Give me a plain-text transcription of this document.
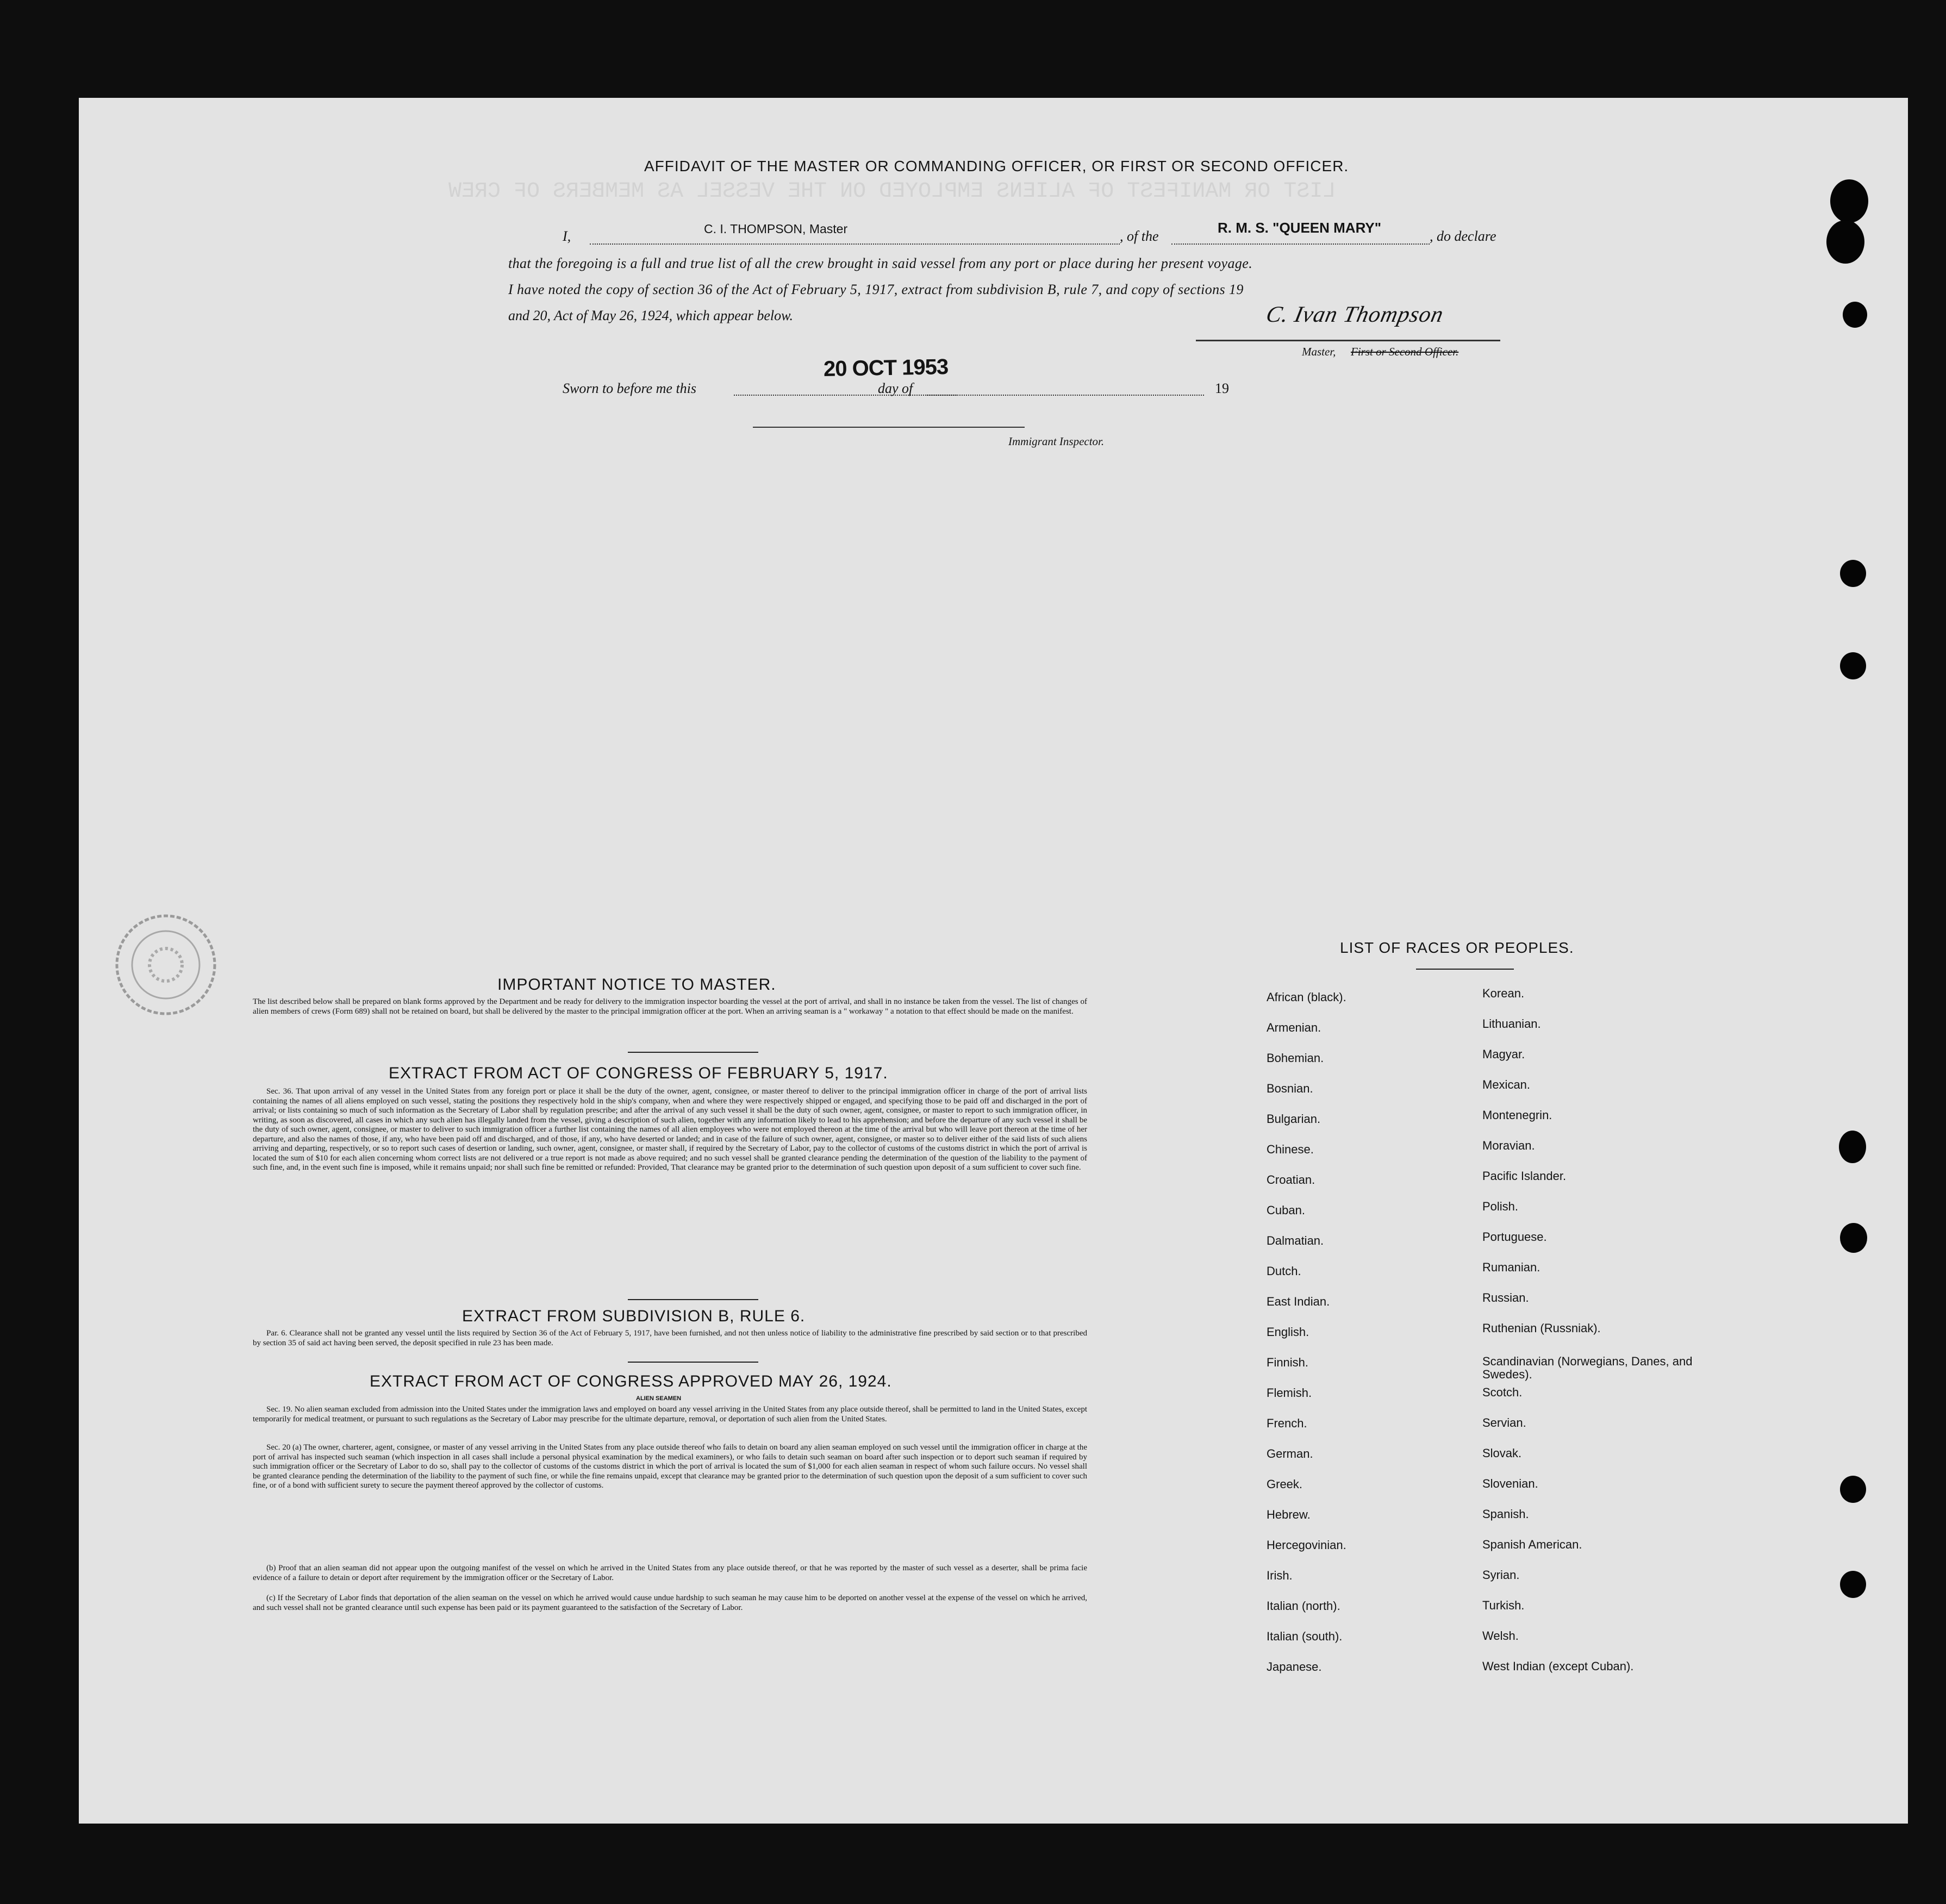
LIST OR MANIFEST OF ALIENS EMPLOYED ON THE VESSEL AS MEMBERS OF CREW
AFFIDAVIT OF THE MASTER OR COMMANDING OFFICER, OR FIRST OR SECOND OFFICER.
I,	C. I. THOMPSON, Master	, of the
R. M. S. "QUEEN MARY"
, do declare
that the foregoing is a full and true list of all the crew brought in said vessel from any port or place during her present voyage.
I have noted the copy of section 36 of the Act of February 5, 1917, extract from subdivision B, rule 7, and copy of sections 19
and 20, Act of May 26, 1924, which appear below.	C. Ivan Thompson
Master, First or Second Officer.
Sworn to before me this
20 OCT 1953
day of	19
Immigrant Inspector.
IMPORTANT NOTICE TO MASTER.

The list described below shall be prepared on blank forms approved by the Department and be ready for delivery to the immigration inspector boarding the vessel at the port of arrival, and shall in no instance be taken from the vessel. The list of changes of alien members of crews (Form 689) shall not be retained on board, but shall be delivered by the master to the principal immigration officer at the port. When an arriving seaman is a " workaway " a notation to that effect should be made on the manifest.

EXTRACT FROM ACT OF CONGRESS OF FEBRUARY 5, 1917.

Sec. 36. That upon arrival of any vessel in the United States from any foreign port or place it shall be the duty of the owner, agent, consignee, or master thereof to deliver to the principal immigration officer in charge of the port of arrival lists containing the names of all aliens employed on such vessel, stating the positions they respectively hold in the ship's company, when and where they were respectively shipped or engaged, and specifying those to be paid off and discharged in the port of arrival; or lists containing so much of such information as the Secretary of Labor shall by regulation prescribe; and after the arrival of any such vessel it shall be the duty of such owner, agent, consignee, or master to report to such immigration officer, in writing, as soon as discovered, all cases in which any such alien has illegally landed from the vessel, giving a description of such alien, together with any information likely to lead to his apprehension; and before the departure of any such vessel it shall be the duty of such owner, agent, consignee, or master to deliver to such immigration officer a further list containing the names of all alien employees who were not employed thereon at the time of the arrival but who will leave port thereon at the time of her departure, and also the names of those, if any, who have been paid off and discharged, and of those, if any, who have deserted or landed; and in case of the failure of such owner, agent, consignee, or master so to deliver either of the said lists of such aliens arriving and departing, respectively, or so to report such cases of desertion or landing, such owner, agent, consignee, or master shall, if required by the Secretary of Labor, pay to the collector of customs of the customs district in which the port of arrival is located the sum of $10 for each alien concerning whom correct lists are not delivered or a true report is not made as above required; and no such vessel shall be granted clearance pending the determination of the question of the liability to the payment of such fine, and, in the event such fine is imposed, while it remains unpaid; nor shall such fine be remitted or refunded: Provided, That clearance may be granted prior to the determination of such question upon deposit of a sum sufficient to cover such fine.

EXTRACT FROM SUBDIVISION B, RULE 6.

Par. 6. Clearance shall not be granted any vessel until the lists required by Section 36 of the Act of February 5, 1917, have been furnished, and not then unless notice of liability to the administrative fine prescribed by said section or to that prescribed by section 35 of said act having been served, the deposit specified in rule 23 has been made.

EXTRACT FROM ACT OF CONGRESS APPROVED MAY 26, 1924.
ALIEN SEAMEN

Sec. 19. No alien seaman excluded from admission into the United States under the immigration laws and employed on board any vessel arriving in the United States from any place outside thereof, shall be permitted to land in the United States, except temporarily for medical treatment, or pursuant to such regulations as the Secretary of Labor may prescribe for the ultimate departure, removal, or deportation of such alien from the United States.

Sec. 20 (a) The owner, charterer, agent, consignee, or master of any vessel arriving in the United States from any place outside thereof who fails to detain on board any alien seaman employed on such vessel until the immigration officer in charge at the port of arrival has inspected such seaman (which inspection in all cases shall include a personal physical examination by the medical examiners), or who fails to detain such seaman on board after such inspection or to deport such seaman if required by such immigration officer or the Secretary of Labor to do so, shall pay to the collector of customs of the customs district in which the port of arrival is located the sum of $1,000 for each alien seaman in respect of whom such failure occurs. No vessel shall be granted clearance pending the determination of the liability to the payment of such fine, or while the fine remains unpaid, except that clearance may be granted prior to the determination of such question upon the deposit of a sum sufficient to cover such fine, or of a bond with sufficient surety to secure the payment thereof approved by the collector of customs.

(b) Proof that an alien seaman did not appear upon the outgoing manifest of the vessel on which he arrived in the United States from any place outside thereof, or that he was reported by the master of such vessel as a deserter, shall be prima facie evidence of a failure to detain or deport after requirement by the immigration officer or the Secretary of Labor.

(c) If the Secretary of Labor finds that deportation of the alien seaman on the vessel on which he arrived would cause undue hardship to such seaman he may cause him to be deported on another vessel at the expense of the vessel on which he arrived, and such vessel shall not be granted clearance until such expense has been paid or its payment guaranteed to the satisfaction of the Secretary of Labor.

LIST OF RACES OR PEOPLES.
African (black).
Armenian.
Bohemian.
Bosnian.
Bulgarian.
Chinese.
Croatian.
Cuban.
Dalmatian.
Dutch.
East Indian.
English.
Finnish.
Flemish.
French.
German.
Greek.
Hebrew.
Hercegovinian.
Irish.
Italian (north).
Italian (south).
Japanese.
Korean.
Lithuanian.
Magyar.
Mexican.
Montenegrin.
Moravian.
Pacific Islander.
Polish.
Portuguese.
Rumanian.
Russian.
Ruthenian (Russniak).
Scandinavian (Norwegians, Danes, and Swedes).
Scotch.
Servian.
Slovak.
Slovenian.
Spanish.
Spanish American.
Syrian.
Turkish.
Welsh.
West Indian (except Cuban).
